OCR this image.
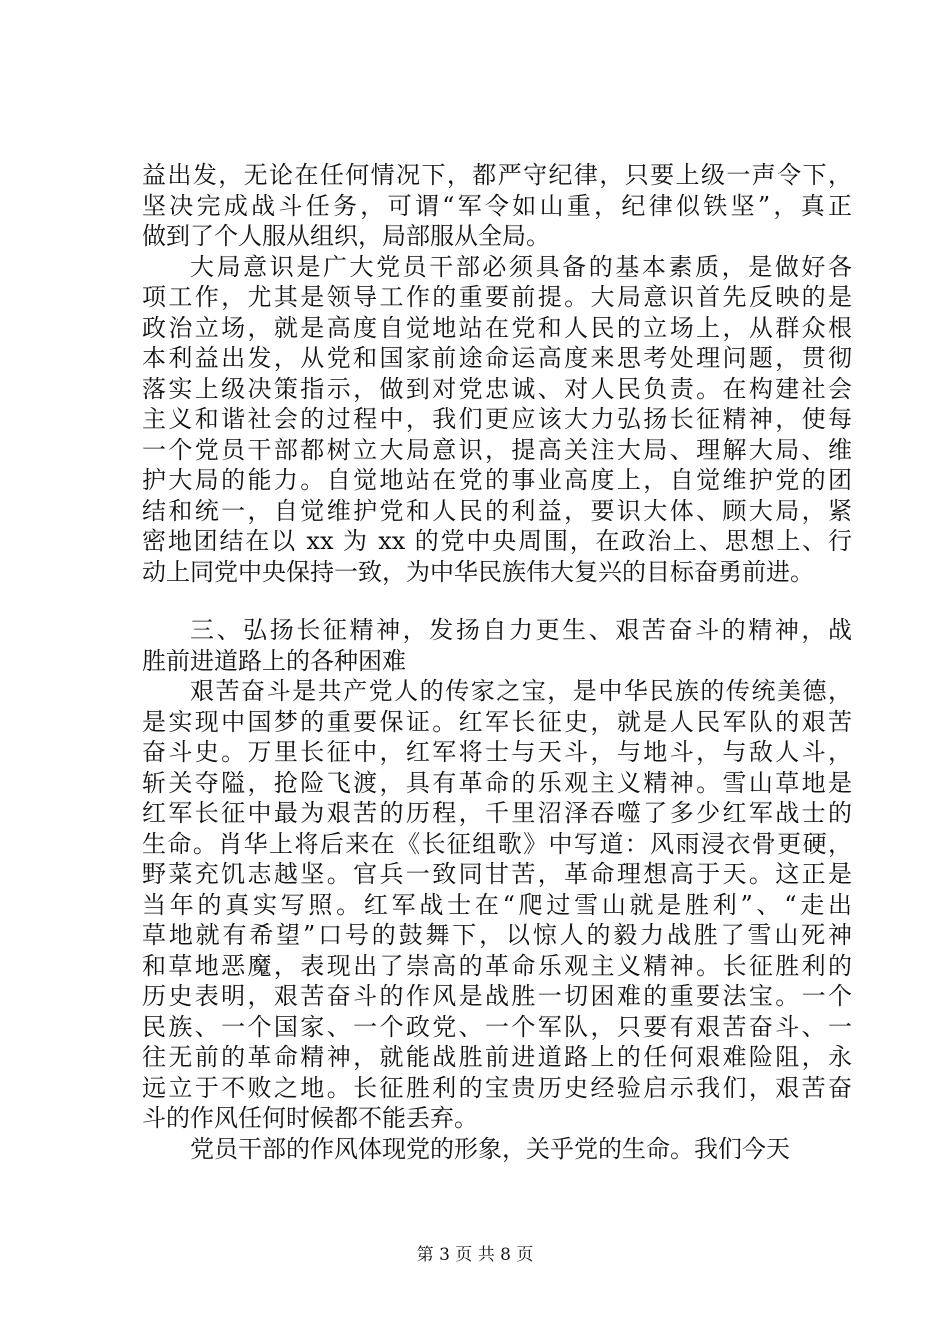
益出发，无论在任何情况下，都严守纪律，只要上级一声令下，
坚决完成战斗任务，可谓“军令如山重，纪律似铁坚”，真正
做到了个人服从组织，局部服从全局。
大局意识是广大党员干部必须具备的基本素质，是做好各
项工作，尤其是领导工作的重要前提。大局意识首先反映的是
政治立场，就是高度自觉地站在党和人民的立场上，从群众根
本利益出发，从党和国家前途命运高度来思考处理问题，贯彻
落实上级决策指示，做到对党忠诚、对人民负责。在构建社会
主义和谐社会的过程中，我们更应该大力弘扬长征精神，使每
一个党员干部都树立大局意识，提高关注大局、理解大局、维
护大局的能力。自觉地站在党的事业高度上，自觉维护党的团
结和统一，自觉维护党和人民的利益，要识大体、顾大局，紧
密地团结在以 xx 为 xx 的党中央周围，在政治上、思想上、行
动上同党中央保持一致，为中华民族伟大复兴的目标奋勇前进。
三、弘扬长征精神，发扬自力更生、艰苦奋斗的精神，战
胜前进道路上的各种困难
艰苦奋斗是共产党人的传家之宝，是中华民族的传统美德，
是实现中国梦的重要保证。红军长征史，就是人民军队的艰苦
奋斗史。万里长征中，红军将士与天斗，与地斗，与敌人斗，
斩关夺隘，抢险飞渡，具有革命的乐观主义精神。雪山草地是
红军长征中最为艰苦的历程，千里沼泽吞噬了多少红军战士的
生命。肖华上将后来在《长征组歌》中写道：风雨浸衣骨更硬，
野菜充饥志越坚。官兵一致同甘苦，革命理想高于天。这正是
当年的真实写照。红军战士在“爬过雪山就是胜利”、“走出
草地就有希望”口号的鼓舞下，以惊人的毅力战胜了雪山死神
和草地恶魔，表现出了崇高的革命乐观主义精神。长征胜利的
历史表明，艰苦奋斗的作风是战胜一切困难的重要法宝。一个
民族、一个国家、一个政党、一个军队，只要有艰苦奋斗、一
往无前的革命精神，就能战胜前进道路上的任何艰难险阻，永
远立于不败之地。长征胜利的宝贵历史经验启示我们，艰苦奋
斗的作风任何时候都不能丢弃。
党员干部的作风体现党的形象，关乎党的生命。我们今天
第 3 页 共 8 页
